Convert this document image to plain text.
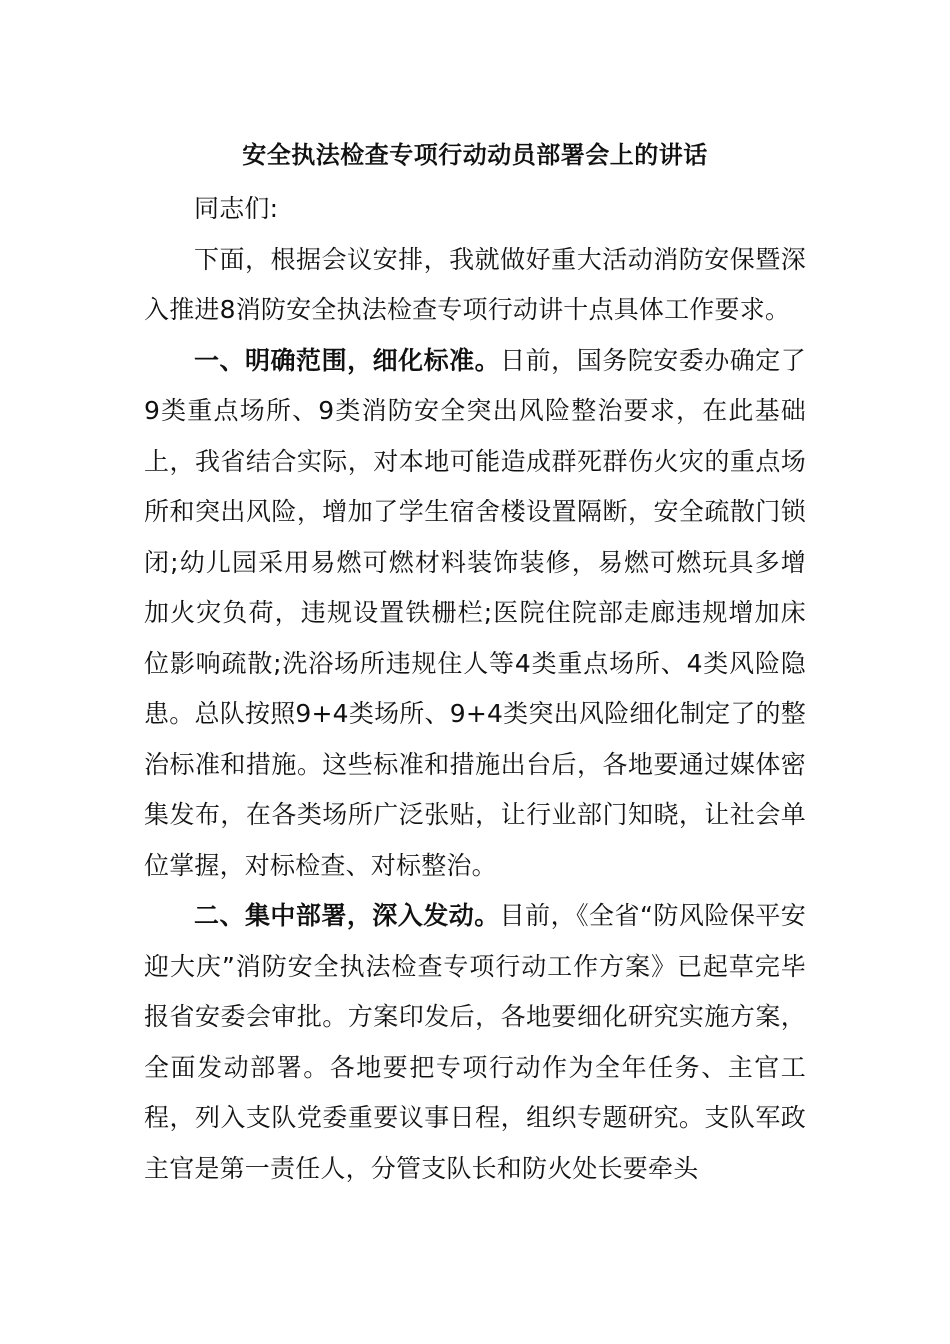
安全执法检查专项行动动员部署会上的讲话

同志们:

下面，根据会议安排，我就做好重大活动消防安保暨深入推进8消防安全执法检查专项行动讲十点具体工作要求。

一、明确范围，细化标准。日前，国务院安委办确定了9类重点场所、9类消防安全突出风险整治要求，在此基础上，我省结合实际，对本地可能造成群死群伤火灾的重点场所和突出风险，增加了学生宿舍楼设置隔断，安全疏散门锁闭;幼儿园采用易燃可燃材料装饰装修，易燃可燃玩具多增加火灾负荷，违规设置铁栅栏;医院住院部走廊违规增加床位影响疏散;洗浴场所违规住人等4类重点场所、4类风险隐患。总队按照9+4类场所、9+4类突出风险细化制定了的整治标准和措施。这些标准和措施出台后，各地要通过媒体密集发布，在各类场所广泛张贴，让行业部门知晓，让社会单位掌握，对标检查、对标整治。

二、集中部署，深入发动。目前，《全省“防风险保平安迎大庆”消防安全执法检查专项行动工作方案》已起草完毕报省安委会审批。方案印发后，各地要细化研究实施方案，全面发动部署。各地要把专项行动作为全年任务、主官工程，列入支队党委重要议事日程，组织专题研究。支队军政主官是第一责任人，分管支队长和防火处长要牵头
